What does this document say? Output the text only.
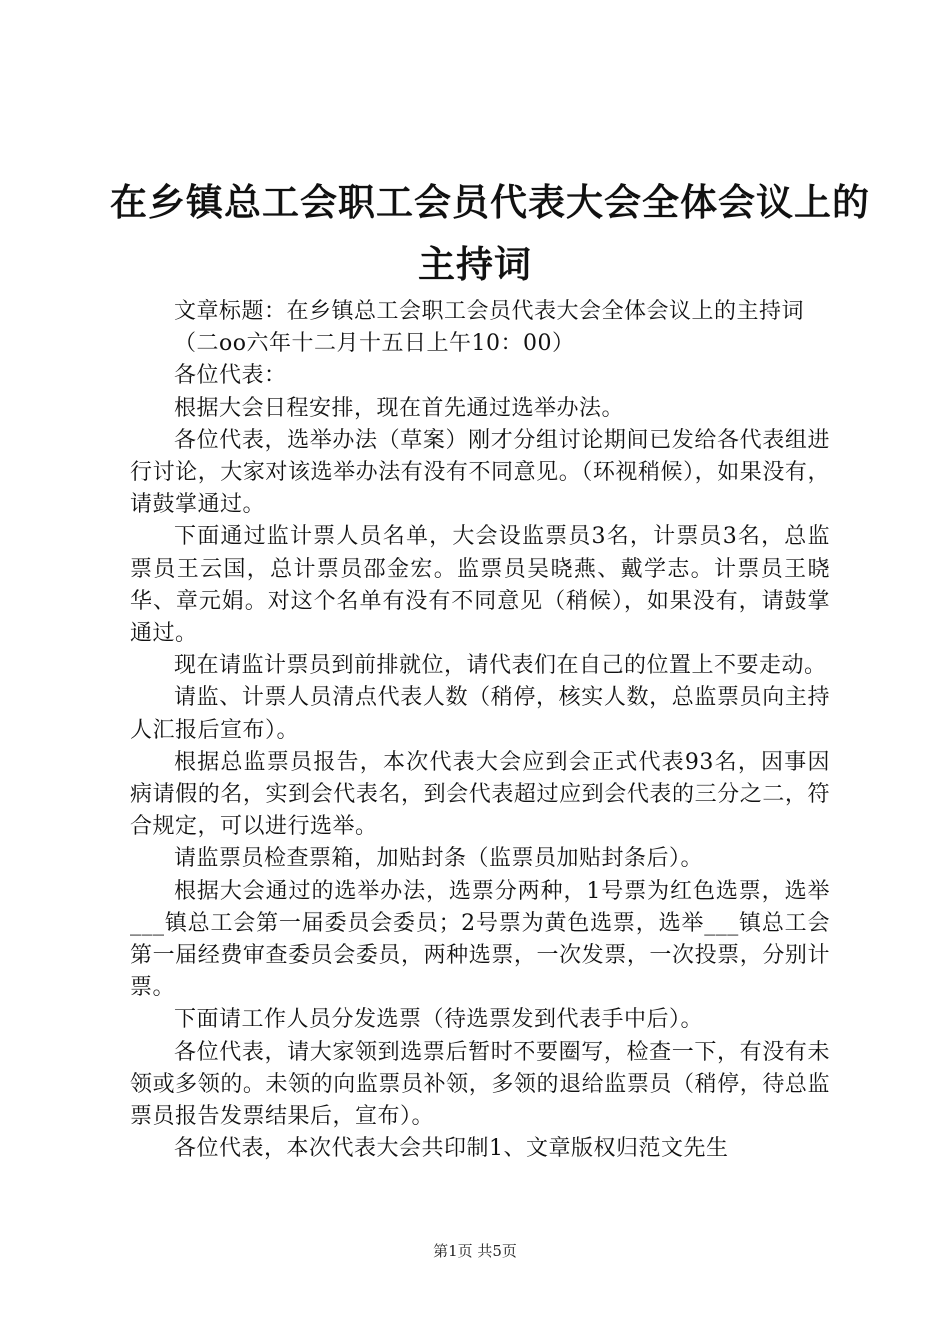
在乡镇总工会职工会员代表大会全体会议上的
主持词

文章标题：在乡镇总工会职工会员代表大会全体会议上的主持词

（二oo六年十二月十五日上午10：00）

各位代表：

根据大会日程安排，现在首先通过选举办法。

各位代表，选举办法（草案）刚才分组讨论期间已发给各代表组进行讨论，大家对该选举办法有没有不同意见。（环视稍候），如果没有，请鼓掌通过。

下面通过监计票人员名单，大会设监票员3名，计票员3名，总监票员王云国，总计票员邵金宏。监票员吴晓燕、戴学志。计票员王晓华、章元娟。对这个名单有没有不同意见（稍候），如果没有，请鼓掌通过。

现在请监计票员到前排就位，请代表们在自己的位置上不要走动。

请监、计票人员清点代表人数（稍停，核实人数，总监票员向主持人汇报后宣布）。

根据总监票员报告，本次代表大会应到会正式代表93名，因事因病请假的名，实到会代表名，到会代表超过应到会代表的三分之二，符合规定，可以进行选举。

请监票员检查票箱，加贴封条（监票员加贴封条后）。

根据大会通过的选举办法，选票分两种，1号票为红色选票，选举___镇总工会第一届委员会委员；2号票为黄色选票，选举___镇总工会第一届经费审查委员会委员，两种选票，一次发票，一次投票，分别计票。

下面请工作人员分发选票（待选票发到代表手中后）。

各位代表，请大家领到选票后暂时不要圈写，检查一下，有没有未领或多领的。未领的向监票员补领，多领的退给监票员（稍停，待总监票员报告发票结果后，宣布）。

各位代表，本次代表大会共印制1、文章版权归范文先生

第1页 共5页
